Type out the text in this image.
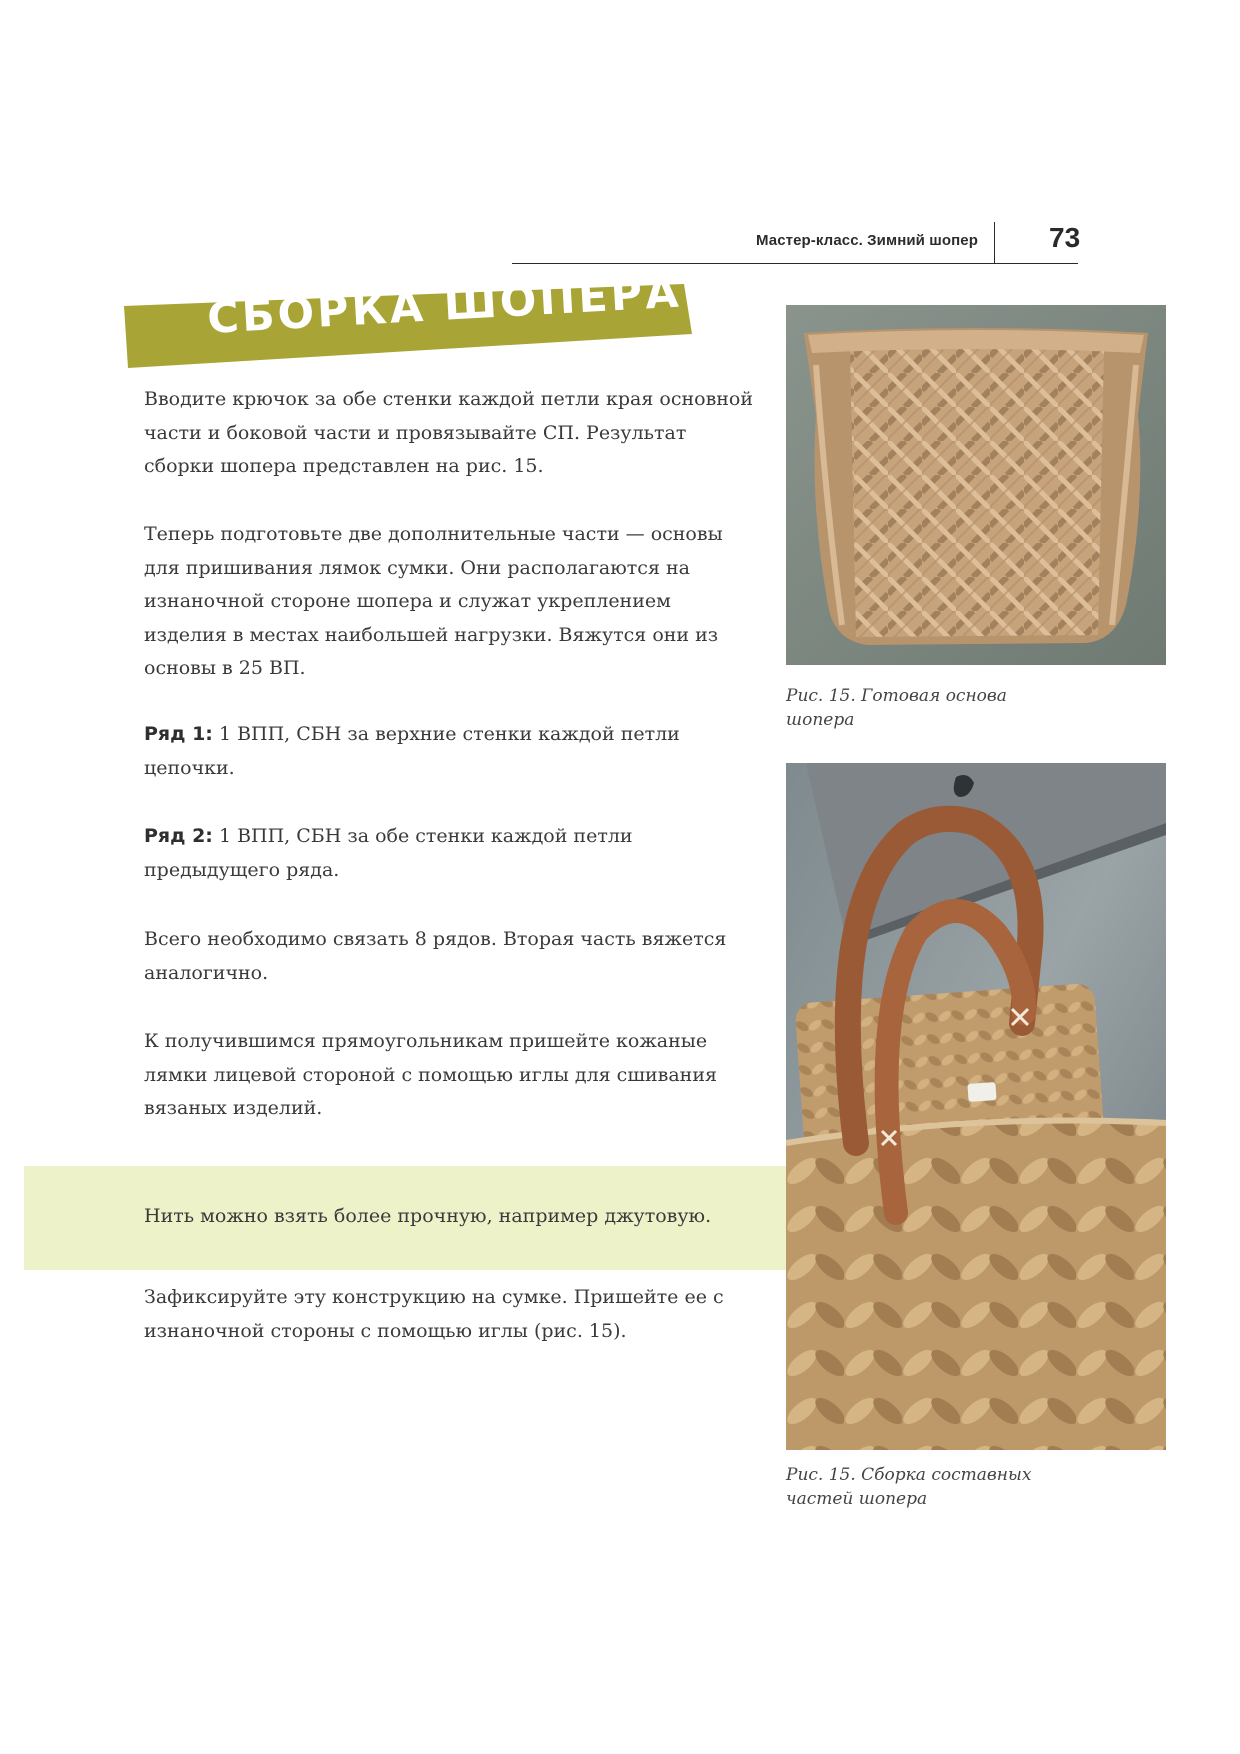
Мастер-класс. Зимний шопер	73
СБОРКА ШОПЕРА
Вводите крючок за обе стенки каждой петли края основной части и боковой части и провязывайте СП. Результат сборки шопера представлен на рис. 15.
Теперь подготовьте две дополнительные части — основы для пришивания лямок сумки. Они располагаются на изнаночной стороне шопера и служат укреплением изделия в местах наибольшей нагрузки. Вяжутся они из основы в 25 ВП.
Ряд 1: 1 ВПП, СБН за верхние стенки каждой петли цепочки.
Ряд 2: 1 ВПП, СБН за обе стенки каждой петли предыдущего ряда.
Всего необходимо связать 8 рядов. Вторая часть вяжется аналогично.
К получившимся прямоугольникам пришейте кожаные лямки лицевой стороной с помощью иглы для сшивания вязаных изделий.
Нить можно взять более прочную, например джутовую.
Зафиксируйте эту конструкцию на сумке. Пришейте ее с изнаночной стороны с помощью иглы (рис. 15).
Рис. 15. Готовая основа шопера
Рис. 15. Сборка составных частей шопера
